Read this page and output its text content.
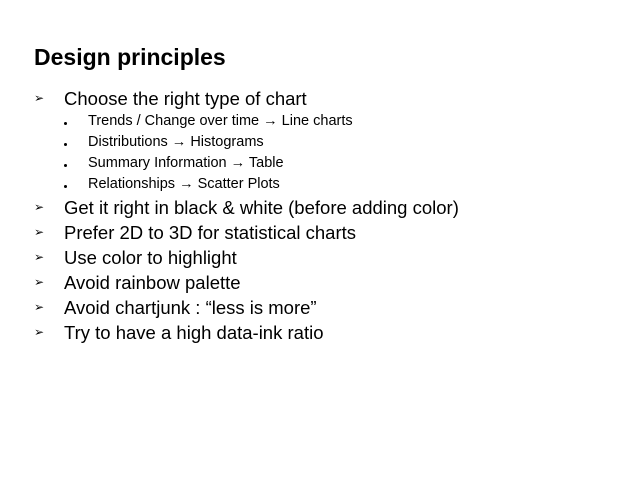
Design principles
➢ Choose the right type of chart
Trends / Change over time → Line charts
Distributions → Histograms
Summary Information → Table
Relationships → Scatter Plots
➢ Get it right in black & white (before adding color)
➢ Prefer 2D to 3D for statistical charts
➢ Use color to highlight
➢ Avoid rainbow palette
➢ Avoid chartjunk : “less is more”
➢ Try to have a high data-ink ratio
